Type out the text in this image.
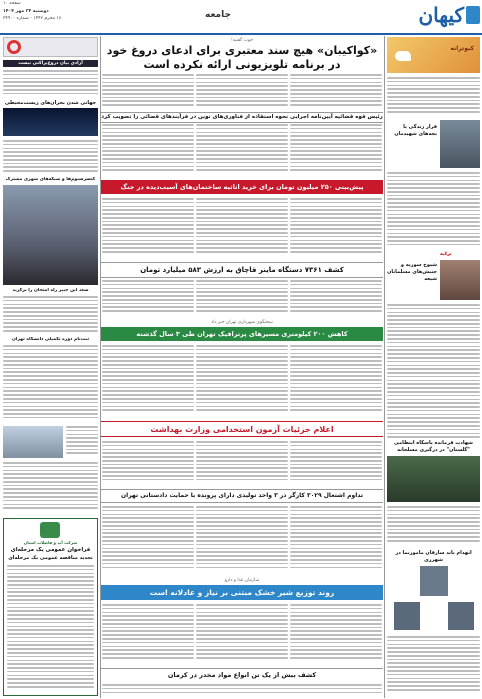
کیهان
جامعه
صفحه ۱۰
دوشنبه ۲۴ مهر ۱۴۰۴
۱۸ محرم ۱۴۴۷ - شماره ۲۴۹۰۰
کبوترانه
قرار زندگی با بچه‌های شهیدمان
ترکیه
شیوخ سوریه و جنبش‌های مسلمانان شیعه
شهادت فرمانده پاسگاه انتظامی "گلستان" در درگیری مسلحانه
انهدام باند سارقان مأمورنما در شهرری
آزادی بیان دروغ‌پراکنی نیست
جهانی شدن بحران‌های زیست‌محیطی
کنسرسیوم‌ها و شبکه‌های شهری مشترک
سعد ابن جبیر راه امتحان را برگزید
ثبت‌نام دوره تکمیلی دانشگاه تهران
شرکت آب و فاضلاب استان
فراخوان عمومی یک مرحله‌ای
تجدید مناقصه عمومی یک مرحله‌ای
خوب گفتید!
«کواکیبان» هیچ سند معتبری برای ادعای دروغ خود
در برنامه تلویزیونی ارائه نکرده است
رئیس قوه قضائیه آیین‌نامه اجرایی نحوه استفاده از فناوری‌های نوین در فرآیندهای قضائی را تصویب کرد
پیش‌بینی ۲۵۰ میلیون تومان برای خرید اثاثیه ساختمان‌های آسیب‌دیده در جنگ
کشف ۷۳۶۱ دستگاه ماینر قاچاق به ارزش ۵۸۳ میلیارد تومان
سخنگوی شهرداری تهران خبر داد
کاهش ۲۰۰ کیلومتری مسیرهای پرترافیک تهران طی ۳ سال گذشته
اعلام جزئیات آزمون استخدامی وزارت بهداشت
تداوم اشتغال ۳۰۲۹ کارگر در ۳ واحد تولیدی دارای پرونده با حمایت دادستانی تهران
سازمان غذا و دارو
روند توزیع شیر خشک مبتنی بر نیاز و عادلانه است
کشف بیش از یک تن انواع مواد مخدر در کرمان
